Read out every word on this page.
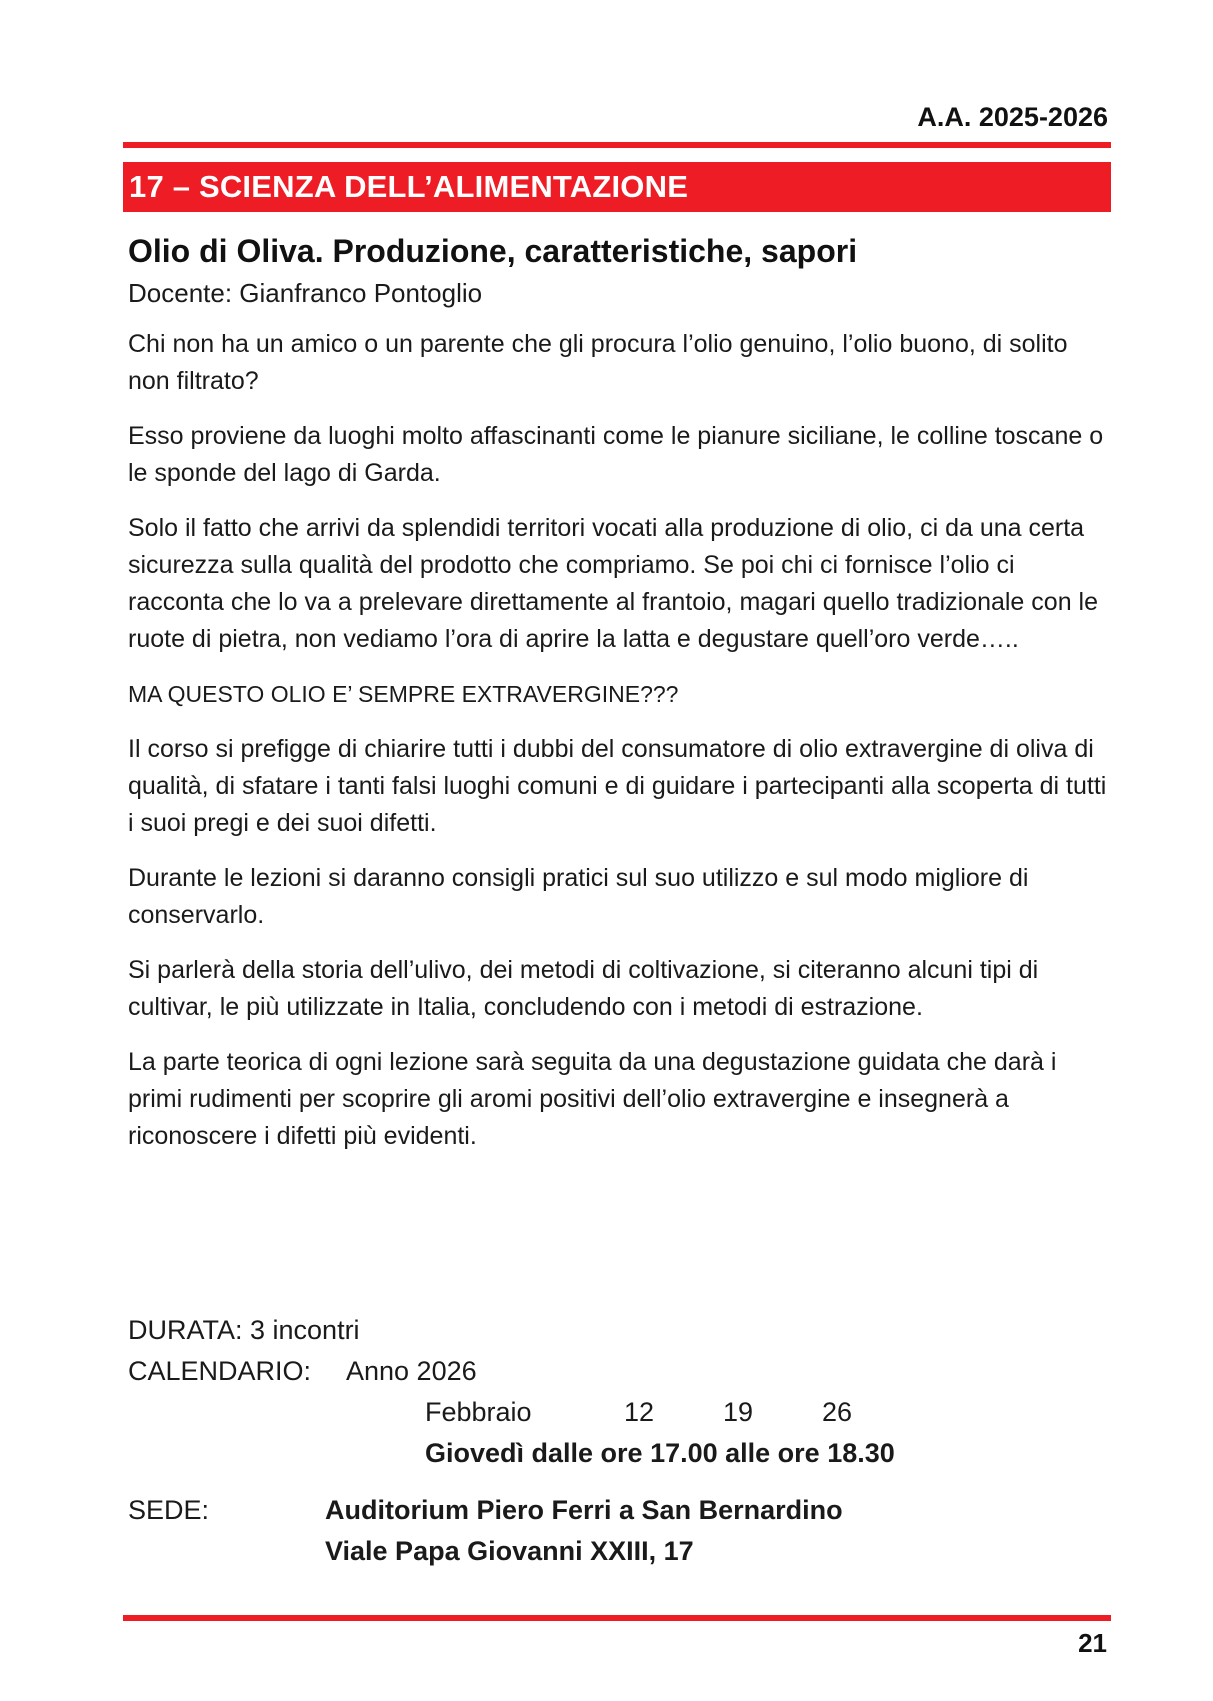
A.A. 2025-2026

17 – SCIENZA DELL’ALIMENTAZIONE
Olio di Oliva. Produzione, caratteristiche, sapori

Docente: Gianfranco Pontoglio

Chi non ha un amico o un parente che gli procura l’olio genuino, l’olio buono, di solito non filtrato?

Esso proviene da luoghi molto affascinanti come le pianure siciliane, le colline toscane o le sponde del lago di Garda.

Solo il fatto che arrivi da splendidi territori vocati alla produzione di olio, ci da una certa sicurezza sulla qualità del prodotto che compriamo. Se poi chi ci fornisce l’olio ci racconta che lo va a prelevare direttamente al frantoio, magari quello tradizionale con le ruote di pietra, non vediamo l’ora di aprire la latta e degustare quell’oro verde…..

MA QUESTO OLIO E’ SEMPRE EXTRAVERGINE???

Il corso si prefigge di chiarire tutti i dubbi del consumatore di olio extravergine di oliva di qualità, di sfatare i tanti falsi luoghi comuni e di guidare i partecipanti alla scoperta di tutti i suoi pregi e dei suoi difetti.

Durante le lezioni si daranno consigli pratici sul suo utilizzo e sul modo migliore di conservarlo.

Si parlerà della storia dell’ulivo, dei metodi di coltivazione, si citeranno alcuni tipi di cultivar, le più utilizzate in Italia, concludendo con i metodi di estrazione.

La parte teorica di ogni lezione sarà seguita da una degustazione guidata che darà i primi rudimenti per scoprire gli aromi positivi dell’olio extravergine e insegnerà a riconoscere i difetti più evidenti.

DURATA: 3 incontri
CALENDARIO: Anno 2026
Febbraio	12	19	26
Giovedì dalle ore 17.00 alle ore 18.30
SEDE:	Auditorium Piero Ferri a San Bernardino
Viale Papa Giovanni XXIII, 17

21
